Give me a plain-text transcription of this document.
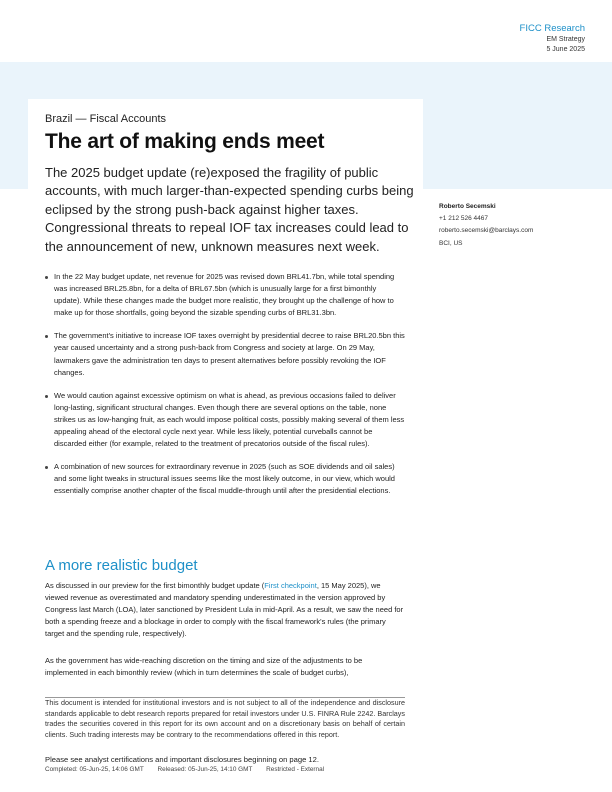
FICC Research
EM Strategy
5 June 2025
Brazil — Fiscal Accounts
The art of making ends meet
The 2025 budget update (re)exposed the fragility of public accounts, with much larger-than-expected spending curbs being eclipsed by the strong push-back against higher taxes. Congressional threats to repeal IOF tax increases could lead to the announcement of new, unknown measures next week.
Roberto Secemski
+1 212 526 4467
roberto.secemski@barclays.com
BCI, US
In the 22 May budget update, net revenue for 2025 was revised down BRL41.7bn, while total spending was increased BRL25.8bn, for a delta of BRL67.5bn (which is unusually large for a first bimonthly update). While these changes made the budget more realistic, they brought up the challenge of how to make up for those shortfalls, going beyond the sizable spending curbs of BRL31.3bn.
The government's initiative to increase IOF taxes overnight by presidential decree to raise BRL20.5bn this year caused uncertainty and a strong push-back from Congress and society at large. On 29 May, lawmakers gave the administration ten days to present alternatives before possibly revoking the IOF changes.
We would caution against excessive optimism on what is ahead, as previous occasions failed to deliver long-lasting, significant structural changes. Even though there are several options on the table, none strikes us as low-hanging fruit, as each would impose political costs, possibly making several of them less appealing ahead of the electoral cycle next year. While less likely, potential curveballs cannot be discarded either (for example, related to the treatment of precatorios outside of the fiscal rules).
A combination of new sources for extraordinary revenue in 2025 (such as SOE dividends and oil sales) and some light tweaks in structural issues seems like the most likely outcome, in our view, which would essentially comprise another chapter of the fiscal muddle-through until after the presidential elections.
A more realistic budget

As discussed in our preview for the first bimonthly budget update (First checkpoint, 15 May 2025), we viewed revenue as overestimated and mandatory spending underestimated in the version approved by Congress last March (LOA), later sanctioned by President Lula in mid-April. As a result, we saw the need for both a spending freeze and a blockage in order to comply with the fiscal framework's rules (the primary target and the spending rule, respectively).

As the government has wide-reaching discretion on the timing and size of the adjustments to be implemented in each bimonthly review (which in turn determines the scale of budget curbs),

This document is intended for institutional investors and is not subject to all of the independence and disclosure standards applicable to debt research reports prepared for retail investors under U.S. FINRA Rule 2242. Barclays trades the securities covered in this report for its own account and on a discretionary basis on behalf of certain clients. Such trading interests may be contrary to the recommendations offered in this report.
Please see analyst certifications and important disclosures beginning on page 12.
Completed: 05-Jun-25, 14:06 GMT Released: 05-Jun-25, 14:10 GMT Restricted - External
